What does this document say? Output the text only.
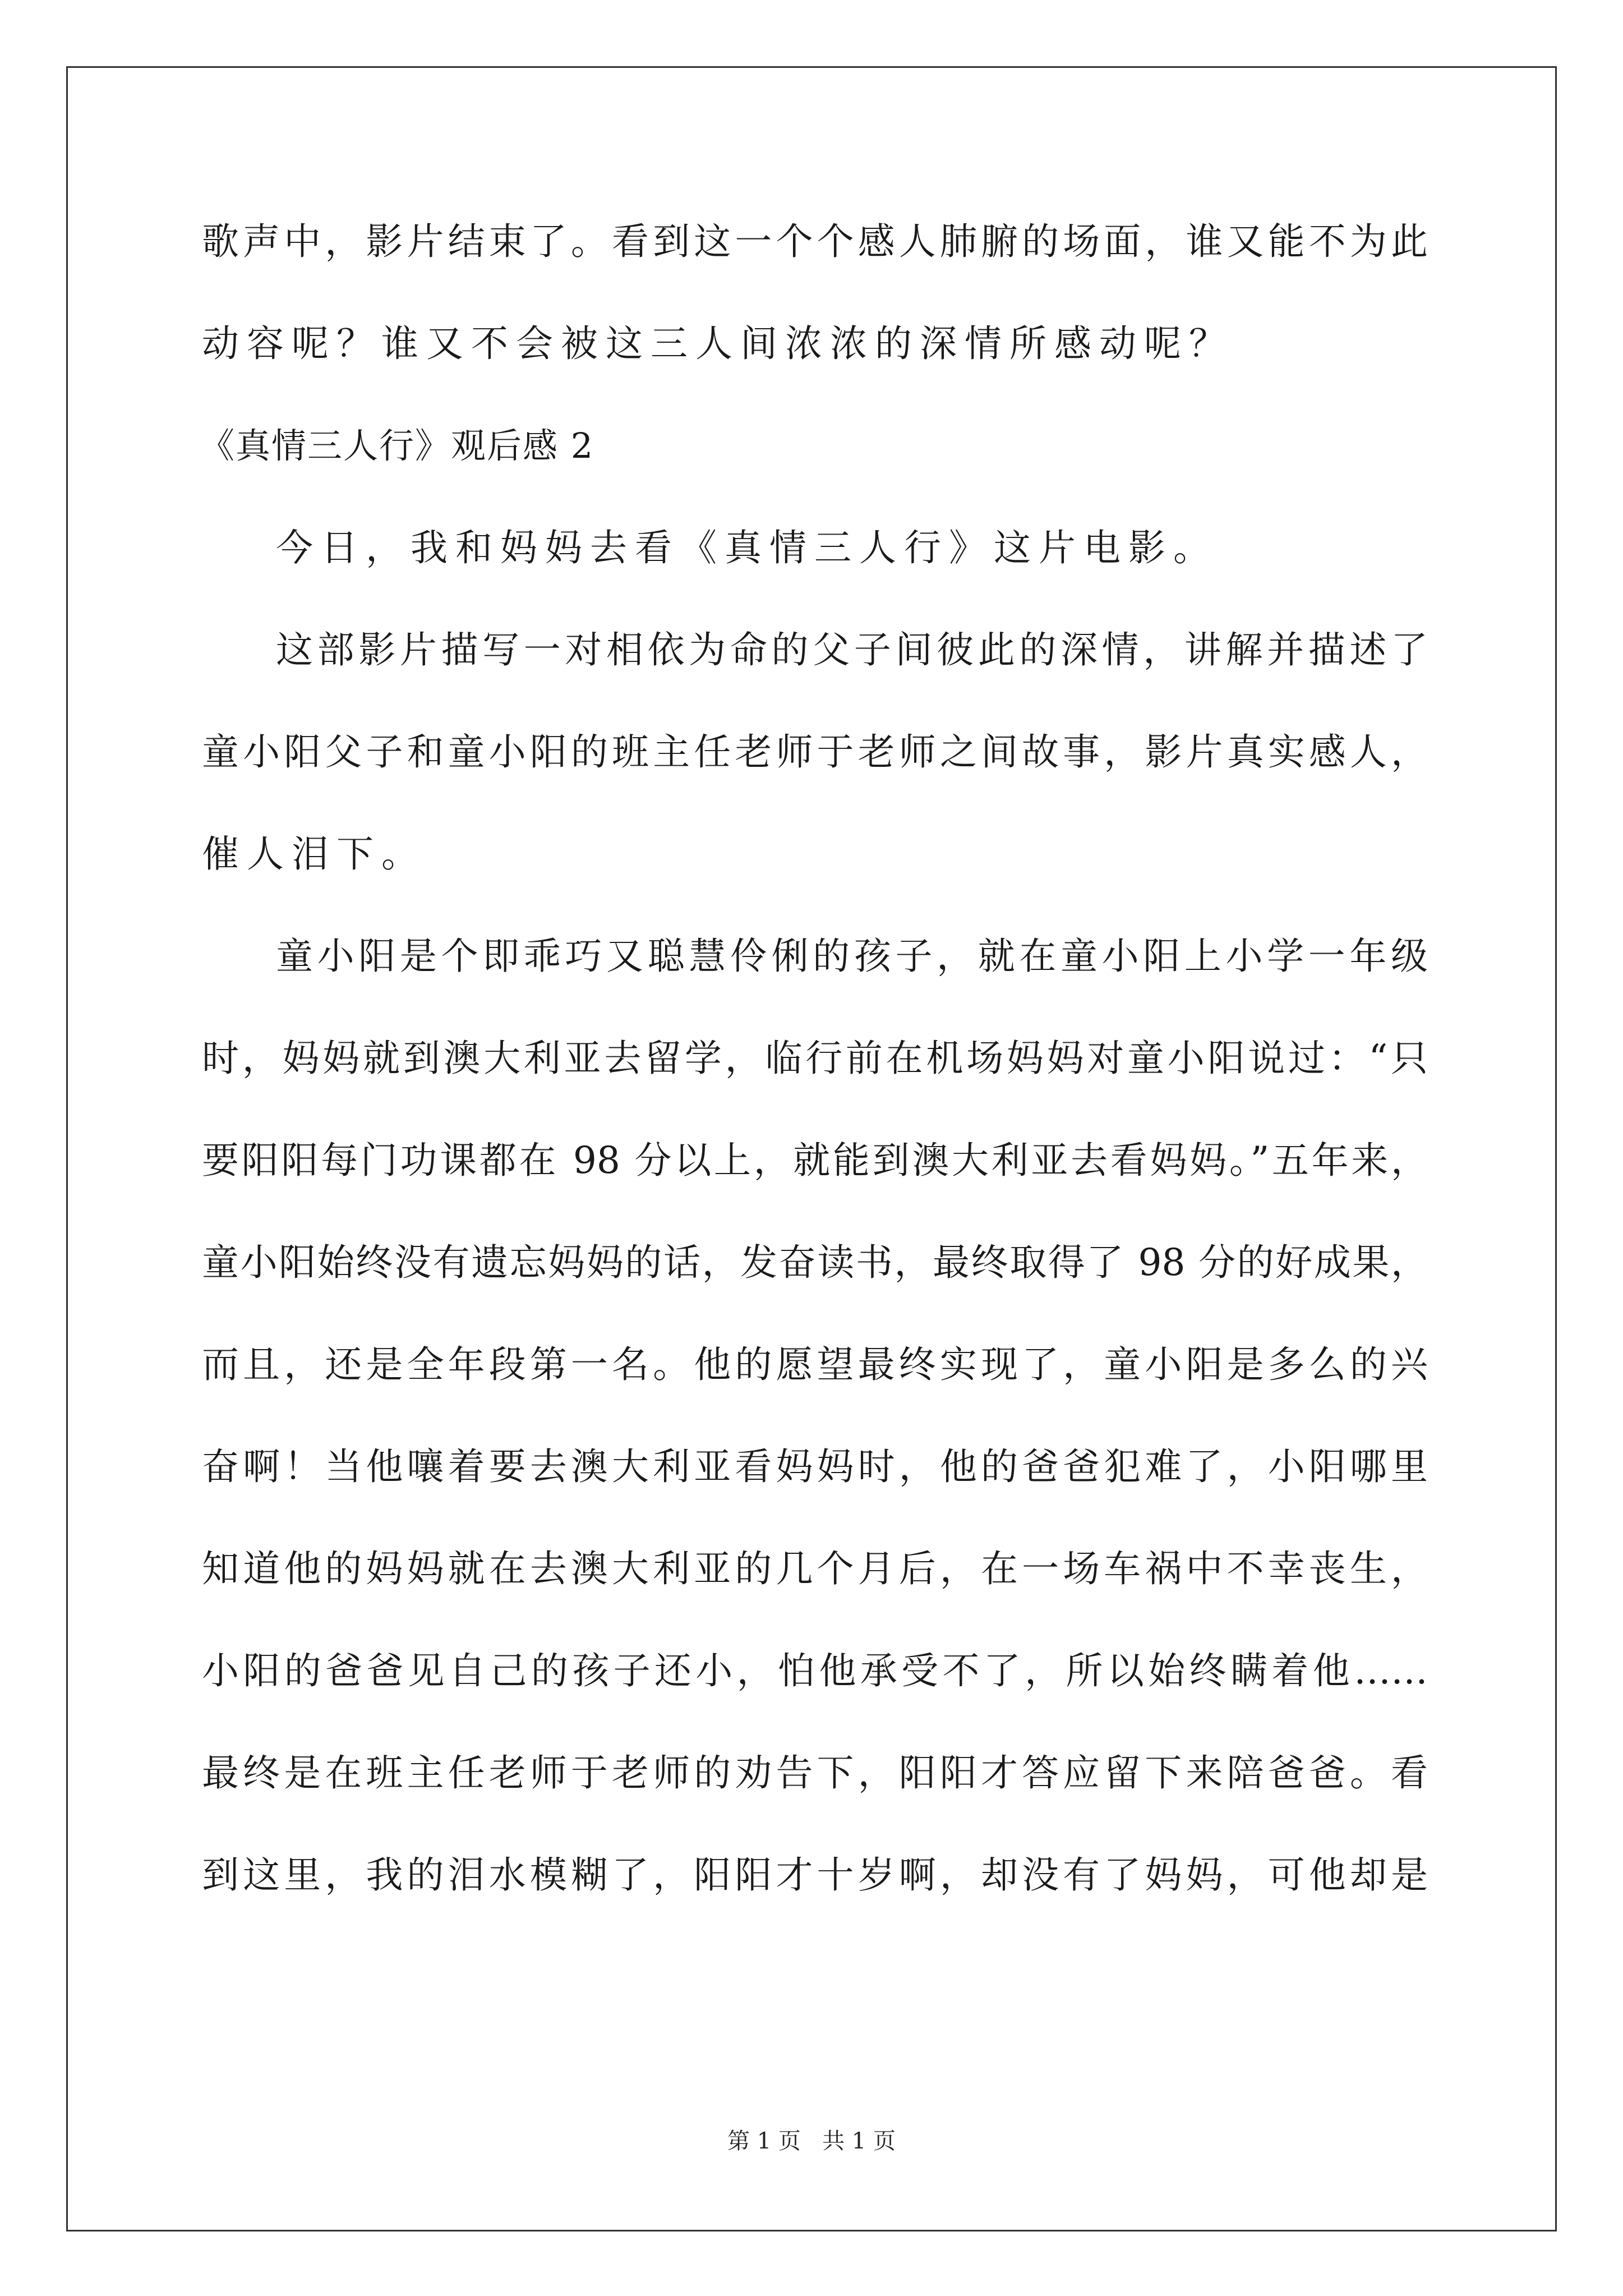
歌声中，影片结束了。看到这一个个感人肺腑的场面，谁又能不为此
动容呢？谁又不会被这三人间浓浓的深情所感动呢？
《真情三人行》观后感 2
今日，我和妈妈去看《真情三人行》这片电影。
这部影片描写一对相依为命的父子间彼此的深情，讲解并描述了
童小阳父子和童小阳的班主任老师于老师之间故事，影片真实感人，
催人泪下。
童小阳是个即乖巧又聪慧伶俐的孩子，就在童小阳上小学一年级
时，妈妈就到澳大利亚去留学，临行前在机场妈妈对童小阳说过：“只
要阳阳每门功课都在 98 分以上，就能到澳大利亚去看妈妈。”五年来，
童小阳始终没有遗忘妈妈的话，发奋读书，最终取得了 98 分的好成果，
而且，还是全年段第一名。他的愿望最终实现了，童小阳是多么的兴
奋啊！当他嚷着要去澳大利亚看妈妈时，他的爸爸犯难了，小阳哪里
知道他的妈妈就在去澳大利亚的几个月后，在一场车祸中不幸丧生，
小阳的爸爸见自己的孩子还小，怕他承受不了，所以始终瞒着他……
最终是在班主任老师于老师的劝告下，阳阳才答应留下来陪爸爸。看
到这里，我的泪水模糊了，阳阳才十岁啊，却没有了妈妈，可他却是
第 1 页   共 1 页
